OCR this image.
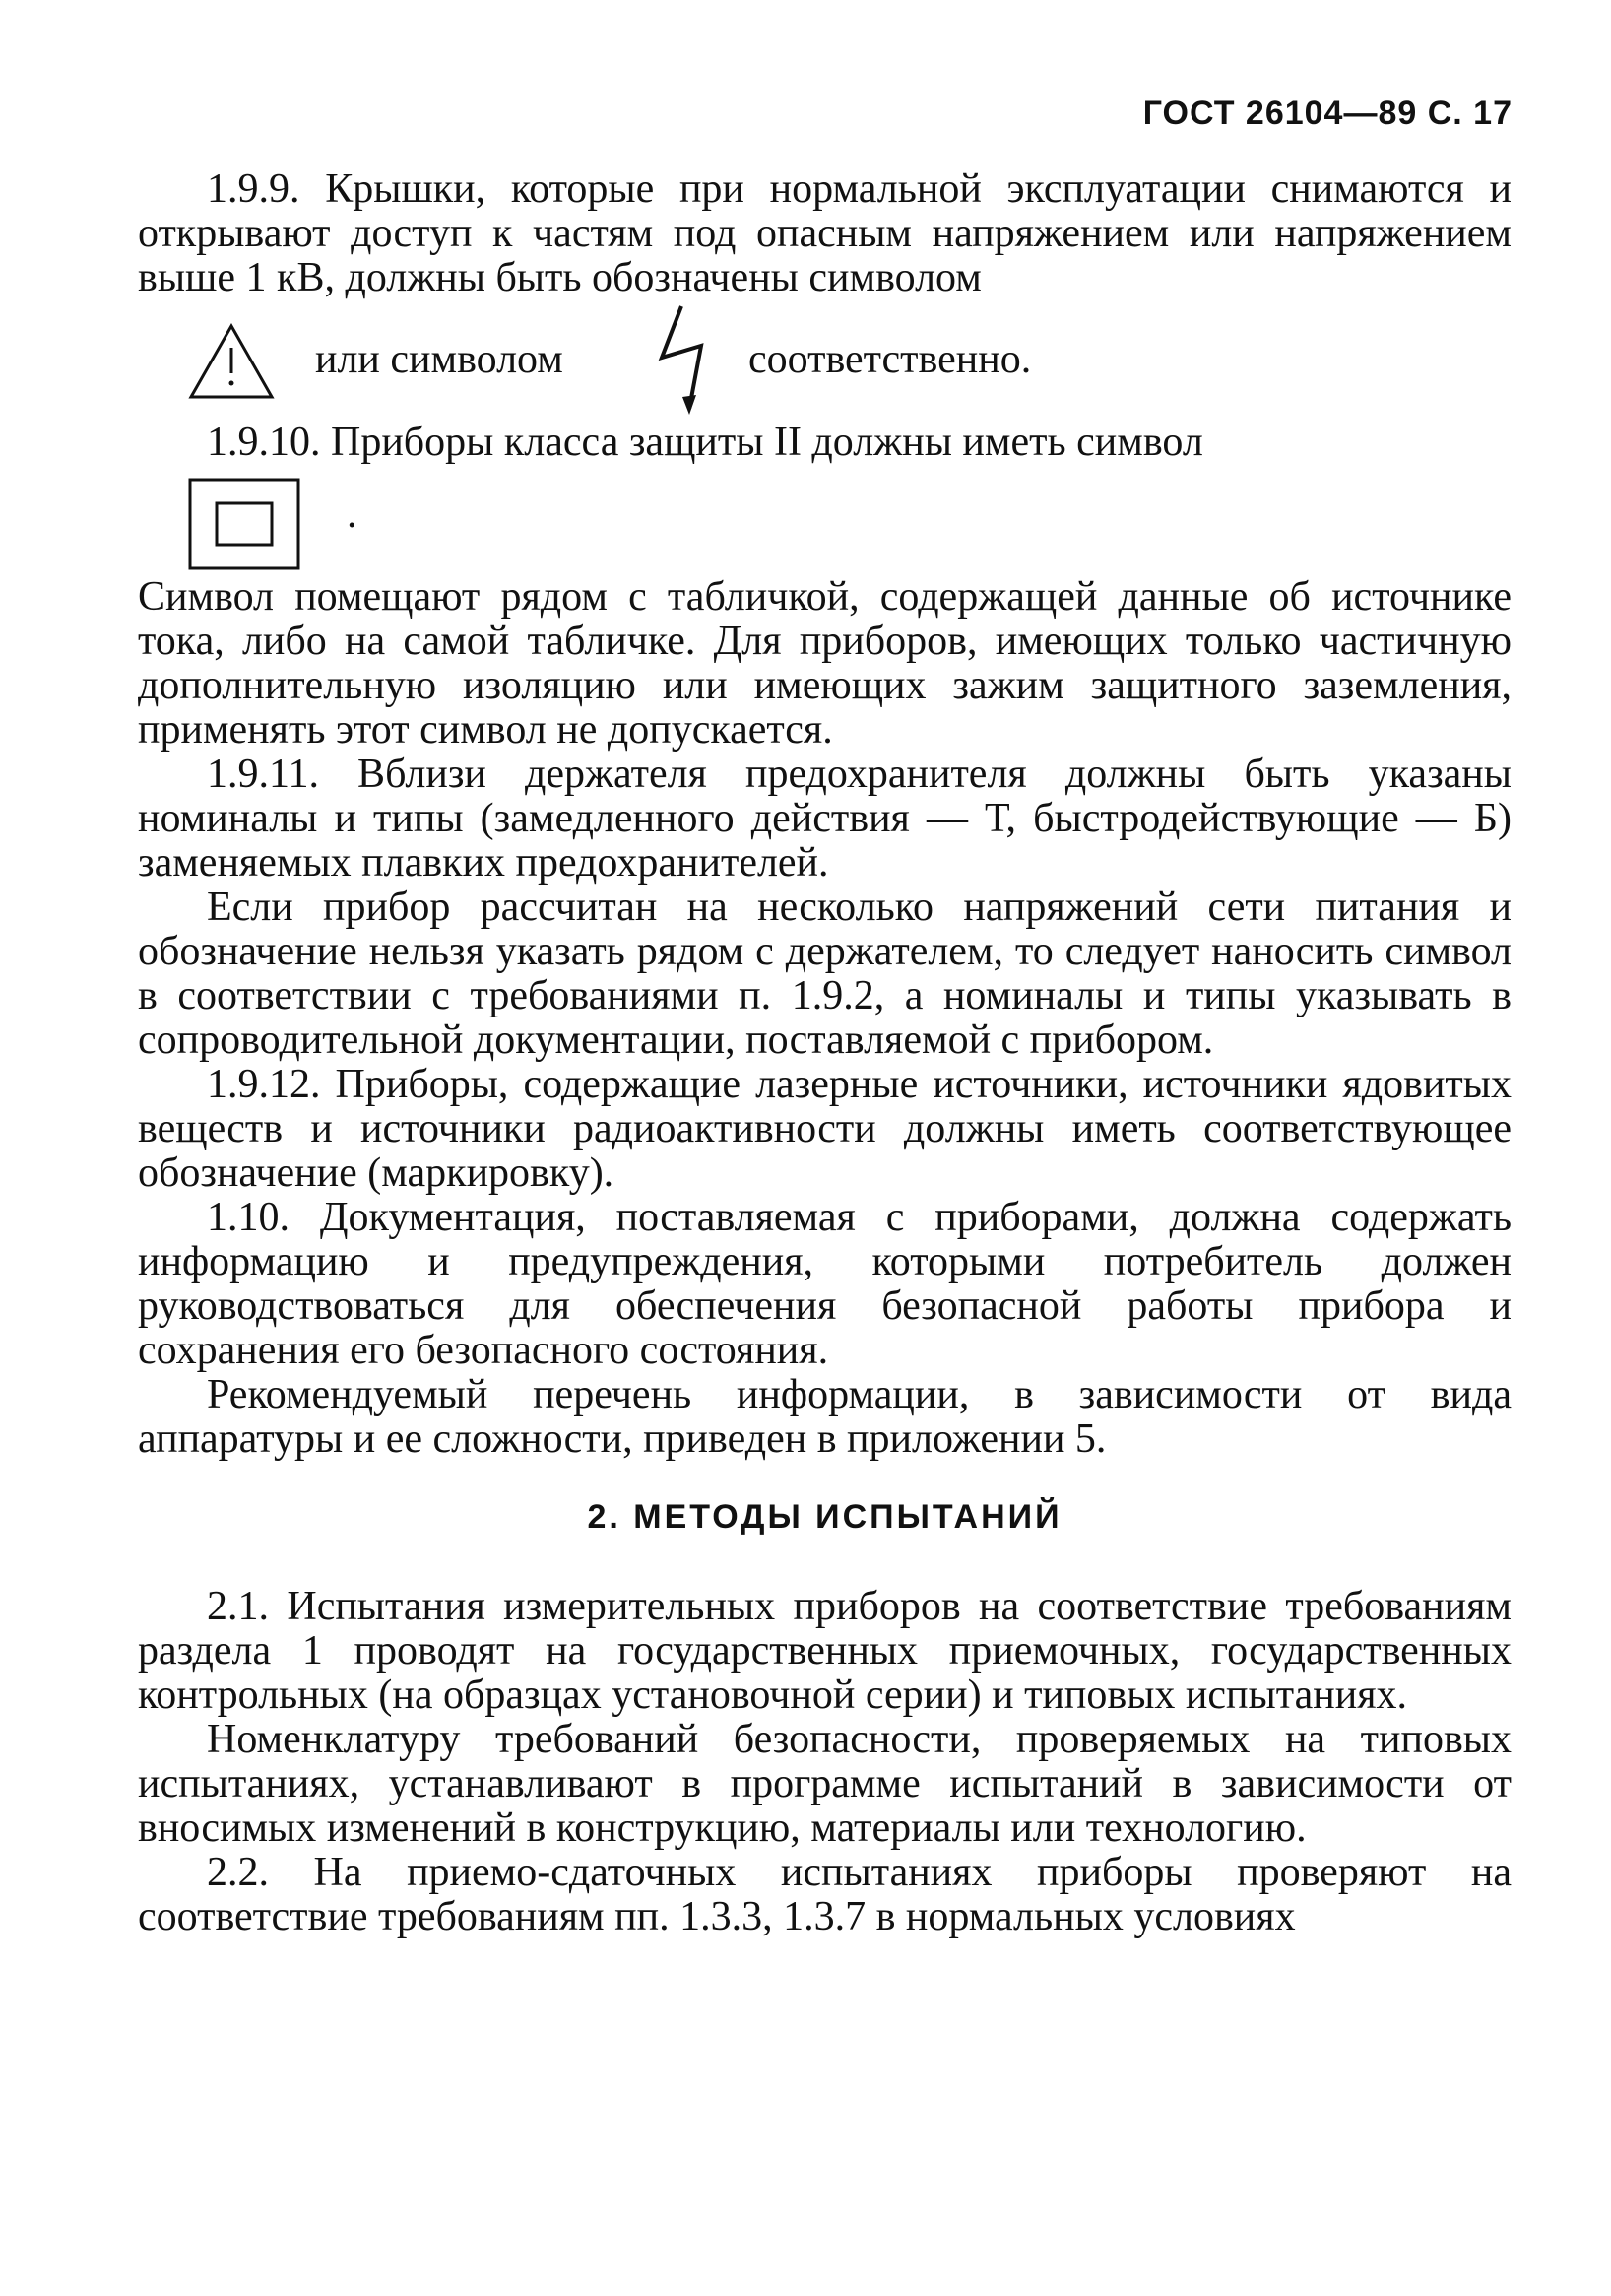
ГОСТ 26104—89 С. 17

1.9.9. Крышки, которые при нормальной эксплуатации снимаются и открывают доступ к частям под опасным напряжением или напряжением выше 1 кВ, должны быть обозначены символом

или символом	соответственно.

1.9.10. Приборы класса защиты II должны иметь символ

.

Символ помещают рядом с табличкой, содержащей данные об источнике тока, либо на самой табличке. Для приборов, имеющих только частичную дополнительную изоляцию или имеющих зажим защитного заземления, применять этот символ не допускается.

1.9.11. Вблизи держателя предохранителя должны быть указаны номиналы и типы (замедленного действия — Т, быстродействующие — Б) заменяемых плавких предохранителей.

Если прибор рассчитан на несколько напряжений сети питания и обозначение нельзя указать рядом с держателем, то следует наносить символ в соответствии с требованиями п. 1.9.2, а номиналы и типы указывать в сопроводительной документации, поставляемой с прибором.

1.9.12. Приборы, содержащие лазерные источники, источники ядовитых веществ и источники радиоактивности должны иметь соответствующее обозначение (маркировку).

1.10. Документация, поставляемая с приборами, должна содержать информацию и предупреждения, которыми потребитель должен руководствоваться для обеспечения безопасной работы прибора и сохранения его безопасного состояния.

Рекомендуемый перечень информации, в зависимости от вида аппаратуры и ее сложности, приведен в приложении 5.

2. МЕТОДЫ ИСПЫТАНИЙ

2.1. Испытания измерительных приборов на соответствие требованиям раздела 1 проводят на государственных приемочных, государственных контрольных (на образцах установочной серии) и типовых испытаниях.

Номенклатуру требований безопасности, проверяемых на типовых испытаниях, устанавливают в программе испытаний в зависимости от вносимых изменений в конструкцию, материалы или технологию.

2.2. На приемо-сдаточных испытаниях приборы проверяют на соответствие требованиям пп. 1.3.3, 1.3.7 в нормальных условиях
